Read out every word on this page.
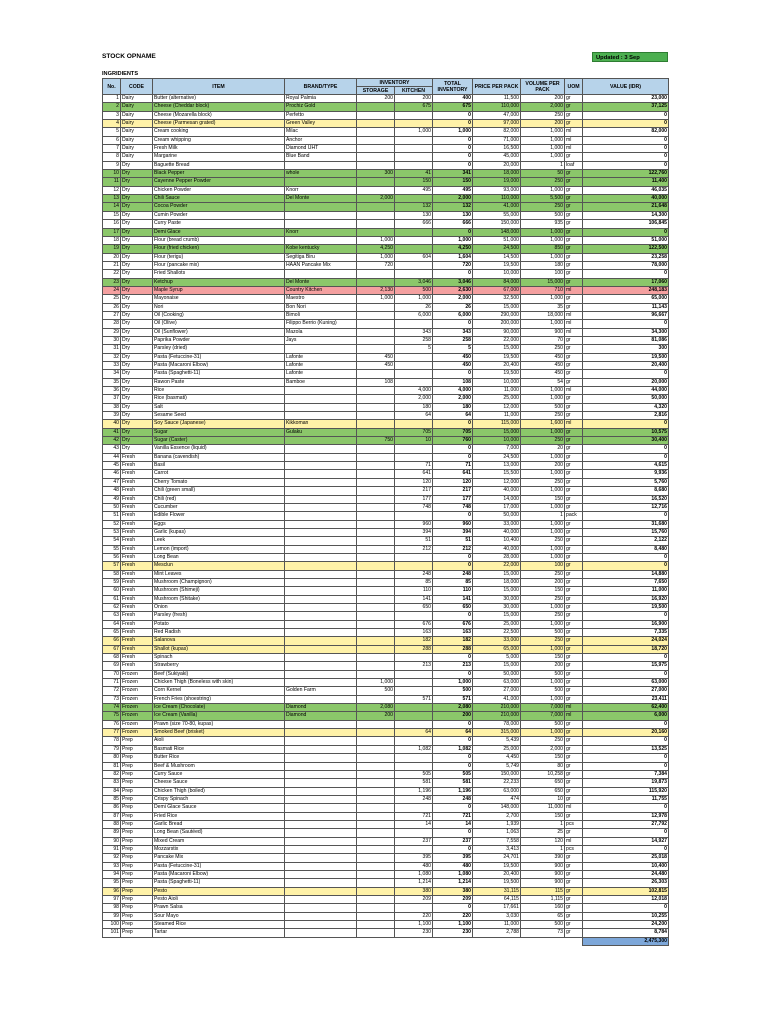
STOCK OPNAME	Updated : 3 Sep
INGRIDIENTS
No.	CODE	ITEM	BRAND/TYPE	INVENTORY		TOTAL INVENTORY	PRICE PER PACK	VOLUME PER PACK	UOM	VALUE (IDR)
				STORAGE	KITCHEN					
1	Dairy	Butter (alternative)	Royal Palmia	200	200	400	11,500	200	gr	23,000
2	Dairy	Cheese (Cheddar block)	Prochiz Gold		675	675	110,000	2,000	gr	37,125
3	Dairy	Cheese (Mozarella block)	Perfetto			0	47,000	250	gr	0
4	Dairy	Cheese (Parmesan grated)	Green Valley			0	97,000	200	gr	0
5	Dairy	Cream cooking	Milac		1,000	1,000	82,000	1,000	ml	82,000
6	Dairy	Cream whipping	Anchor			0	71,000	1,000	ml	0
7	Dairy	Fresh Milk	Diamond UHT			0	16,500	1,000	ml	0
8	Dairy	Margarine	Blue Band			0	45,000	1,000	gr	0
9	Dry	Baguette Bread				0	20,000	1	loaf	0
10	Dry	Black Pepper	whole	300	41	341	18,000	50	gr	122,760
11	Dry	Cayenne Pepper Powder			150	150	19,000	250	gr	11,400
12	Dry	Chicken Powder	Knorr		495	495	93,000	1,000	gr	46,035
13	Dry	Chili Sauce	Del Monte	2,000		2,000	110,000	5,500	gr	40,000
14	Dry	Cocoa Powder			132	132	41,000	250	gr	21,648
15	Dry	Cumin Powder			130	130	55,000	500	gr	14,300
16	Dry	Curry Paste			666	666	150,000	935	gr	106,845
17	Dry	Demi Glace	Knorr			0	148,000	1,000	gr	0
18	Dry	Flour (bread crumb)		1,000		1,000	51,000	1,000	gr	51,000
19	Dry	Flour (fried chicken)	Kobe kentucky	4,250		4,250	24,500	850	gr	122,500
20	Dry	Flour (terigu)	Segitiga Biru	1,000	604	1,604	14,500	1,000	gr	23,258
21	Dry	Flour (pancake mix)	HAAN Pancake Mix	720		720	19,500	180	gr	78,000
22	Dry	Fried Shallots				0	10,000	100	gr	0
23	Dry	Ketchup	Del Monte		3,046	3,046	84,000	15,000	gr	17,060
24	Dry	Maple Syrup	Country Kitchen	2,130	500	2,630	67,000	710	ml	248,183
25	Dry	Mayonaise	Maestro	1,000	1,000	2,000	32,500	1,000	gr	65,000
26	Dry	Nori	Bon Nori		26	26	15,000	35	gr	11,143
27	Dry	Oil (Cooking)	Bimoli		6,000	6,000	290,000	18,000	ml	96,667
28	Dry	Oil (Olive)	Filippo Berrio (Kuning)			0	200,000	1,000	ml	0
29	Dry	Oil (Sunflower)	Mazola		343	343	90,000	900	ml	34,300
30	Dry	Paprika Powder	Jays		258	258	22,000	70	gr	81,086
31	Dry	Parsley (dried)			5	5	15,000	250	gr	300
32	Dry	Pasta (Fetuccine-31)	Lafonte	450		450	19,500	450	gr	19,500
33	Dry	Pasta (Macaroni Elbow)	Lafonte	450		450	20,400	450	gr	20,400
34	Dry	Pasta (Spaghetti-11)	Lafonte			0	19,500	450	gr	0
35	Dry	Rawon Paste	Bamboe	108		108	10,000	54	gr	20,000
36	Dry	Rice			4,000	4,000	11,000	1,000	ml	44,000
37	Dry	Rice (basmati)			2,000	2,000	25,000	1,000	gr	50,000
38	Dry	Salt			180	180	12,000	500	gr	4,320
39	Dry	Sesame Seed			64	64	11,000	250	gr	2,816
40	Dry	Soy Sauce (Japanese)	Kikkoman			0	115,000	1,600	ml	0
41	Dry	Sugar	Gulaku		705	705	15,000	1,000	gr	10,575
42	Dry	Sugar (Caster)		750	10	760	10,000	250	gr	30,400
43	Dry	Vanilla Essence (liquid)				0	7,000	20	gr	0
44	Fresh	Banana (cavendish)				0	24,500	1,000	gr	0
45	Fresh	Basil			71	71	13,000	200	gr	4,615
46	Fresh	Carrot			641	641	15,500	1,000	gr	9,936
47	Fresh	Cherry Tomato			120	120	12,000	250	gr	5,760
48	Fresh	Chili (green small)			217	217	40,000	1,000	gr	8,680
49	Fresh	Chili (red)			177	177	14,000	150	gr	16,520
50	Fresh	Cucumber			748	748	17,000	1,000	gr	12,716
51	Fresh	Edible Flower				0	50,000	1	pack	0
52	Fresh	Eggs			960	960	33,000	1,000	gr	31,680
53	Fresh	Garlic (kupas)			394	394	40,000	1,000	gr	15,760
54	Fresh	Leek			51	51	10,400	250	gr	2,122
55	Fresh	Lemon (import)			212	212	40,000	1,000	gr	8,480
56	Fresh	Long Bean				0	28,000	1,000	gr	0
57	Fresh	Mesclun				0	22,000	100	gr	0
58	Fresh	Mint Leaves			248	248	15,000	250	gr	14,880
59	Fresh	Mushroom (Champignon)			85	85	18,000	200	gr	7,650
60	Fresh	Mushroom (Shimeji)			110	110	15,000	150	gr	11,000
61	Fresh	Mushroom (Shitake)			141	141	30,000	250	gr	16,920
62	Fresh	Onion			650	650	30,000	1,000	gr	19,500
63	Fresh	Parsley (fresh)				0	15,000	250	gr	0
64	Fresh	Potato			676	676	25,000	1,000	gr	16,900
65	Fresh	Red Radish			163	163	22,500	500	gr	7,335
66	Fresh	Salanova			182	182	33,000	250	gr	24,024
67	Fresh	Shallot (kupas)			288	288	65,000	1,000	gr	18,720
68	Fresh	Spinach				0	5,000	150	gr	0
69	Fresh	Strawberry			213	213	15,000	200	gr	15,975
70	Frozen	Beef (Sukiyaki)				0	50,000	500	gr	0
71	Frozen	Chicken Thigh (Boneless with skin)		1,000		1,000	63,000	1,000	gr	63,000
72	Frozen	Corn Kernel	Golden Farm	500		500	27,000	500	gr	27,000
73	Frozen	French Fries (shoestring)			571	571	41,000	1,000	gr	23,411
74	Frozen	Ice Cream (Chocolate)	Diamond	2,080		2,080	210,000	7,000	ml	62,400
75	Frozen	Ice Cream (Vanilla)	Diamond	200		200	210,000	7,000	ml	6,000
76	Frozen	Prawn (size 70-80, kupas)				0	78,000	500	gr	0
77	Frozen	Smoked Beef (brisket)			64	64	315,000	1,000	gr	20,160
78	Prep	Aioli				0	5,439	250	gr	0
79	Prep	Basmati Rice			1,082	1,082	25,000	2,000	gr	13,525
80	Prep	Butter Rice				0	4,450	150	gr	0
81	Prep	Beef & Mushroom				0	5,749	80	gr	0
82	Prep	Curry Sauce			505	505	150,000	10,258	gr	7,384
83	Prep	Cheese Sauce			581	581	22,233	650	gr	19,873
84	Prep	Chicken Thigh (boiled)			1,196	1,196	63,000	650	gr	115,920
85	Prep	Crispy Spinach			248	248	474	10	gr	11,755
86	Prep	Demi Glace Sauce				0	148,000	11,000	ml	0
87	Prep	Fried Rice			721	721	2,700	150	gr	12,978
88	Prep	Garlic Bread			14	14	1,939	1	pcs	27,792
89	Prep	Long Bean (Sautéed)				0	1,063	25	gr	0
90	Prep	Mixed Cream			237	237	7,558	120	ml	14,927
91	Prep	Mozzarstix				0	3,413	1	pcs	0
92	Prep	Pancake Mix			395	395	24,701	390	gr	25,018
93	Prep	Pasta (Fetuccine-31)			480	480	19,500	900	gr	10,400
94	Prep	Pasta (Macaroni Elbow)			1,080	1,080	20,400	900	gr	24,480
95	Prep	Pasta (Spaghetti-11)			1,214	1,214	19,500	900	gr	26,303
96	Prep	Pesto			380	380	31,115	115	gr	102,815
97	Prep	Pesto Aioli			209	209	64,115	1,115	gr	12,018
98	Prep	Prawn Salsa				0	17,661	160	gr	0
99	Prep	Sour Mayo			220	220	3,030	65	gr	10,255
100	Prep	Steamed Rice			1,100	1,100	11,000	500	gr	24,200
101	Prep	Tartar			230	230	2,788	73	gr	8,784
										2,475,300
